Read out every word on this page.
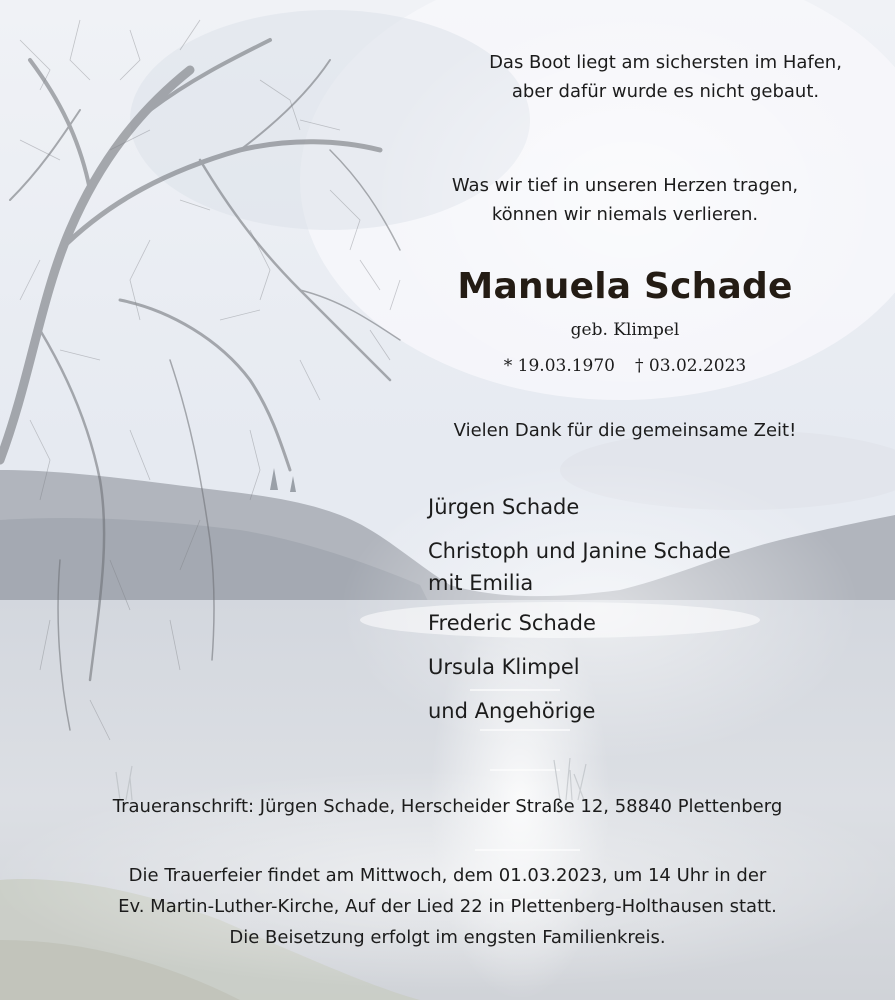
Das Boot liegt am sichersten im Hafen,
aber dafür wurde es nicht gebaut.
Was wir tief in unseren Herzen tragen,
können wir niemals verlieren.
Manuela Schade
geb. Klimpel
* 19.03.1970 † 03.02.2023
Vielen Dank für die gemeinsame Zeit!
Jürgen Schade
Christoph und Janine Schade
mit Emilia
Frederic Schade
Ursula Klimpel
und Angehörige
Traueranschrift: Jürgen Schade, Herscheider Straße 12, 58840 Plettenberg
Die Trauerfeier findet am Mittwoch, dem 01.03.2023, um 14 Uhr in der
Ev. Martin-Luther-Kirche, Auf der Lied 22 in Plettenberg-Holthausen statt.
Die Beisetzung erfolgt im engsten Familienkreis.
